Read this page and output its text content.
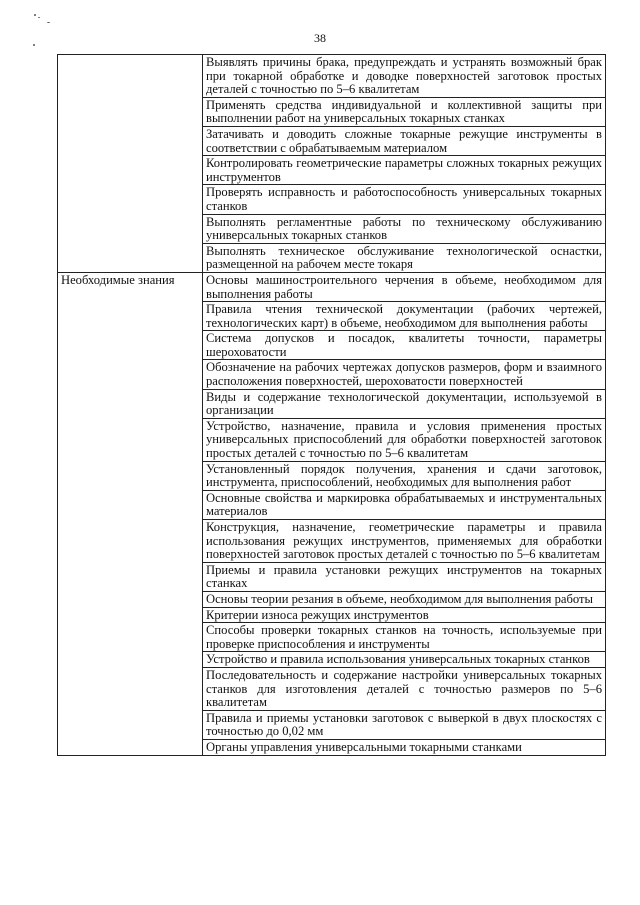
38
	Выявлять причины брака, предупреждать и устранять возможный брак при токарной обработке и доводке поверхностей заготовок простых деталей с точностью по 5–6 квалитетам
	Применять средства индивидуальной и коллективной защиты при выполнении работ на универсальных токарных станках
	Затачивать и доводить сложные токарные режущие инструменты в соответствии с обрабатываемым материалом
	Контролировать геометрические параметры сложных токарных режущих инструментов
	Проверять исправность и работоспособность универсальных токарных станков
	Выполнять регламентные работы по техническому обслуживанию универсальных токарных станков
	Выполнять техническое обслуживание технологической оснастки, размещенной на рабочем месте токаря
Необходимые знания	Основы машиностроительного черчения в объеме, необходимом для выполнения работы
	Правила чтения технической документации (рабочих чертежей, технологических карт) в объеме, необходимом для выполнения работы
	Система допусков и посадок, квалитеты точности, параметры шероховатости
	Обозначение на рабочих чертежах допусков размеров, форм и взаимного расположения поверхностей, шероховатости поверхностей
	Виды и содержание технологической документации, используемой в организации
	Устройство, назначение, правила и условия применения простых универсальных приспособлений для обработки поверхностей заготовок простых деталей с точностью по 5–6 квалитетам
	Установленный порядок получения, хранения и сдачи заготовок, инструмента, приспособлений, необходимых для выполнения работ
	Основные свойства и маркировка обрабатываемых и инструментальных материалов
	Конструкция, назначение, геометрические параметры и правила использования режущих инструментов, применяемых для обработки поверхностей заготовок простых деталей с точностью по 5–6 квалитетам
	Приемы и правила установки режущих инструментов на токарных станках
	Основы теории резания в объеме, необходимом для выполнения работы
	Критерии износа режущих инструментов
	Способы проверки токарных станков на точность, используемые при проверке приспособления и инструменты
	Устройство и правила использования универсальных токарных станков
	Последовательность и содержание настройки универсальных токарных станков для изготовления деталей с точностью размеров по 5–6 квалитетам
	Правила и приемы установки заготовок с выверкой в двух плоскостях с точностью до 0,02 мм
	Органы управления универсальными токарными станками
